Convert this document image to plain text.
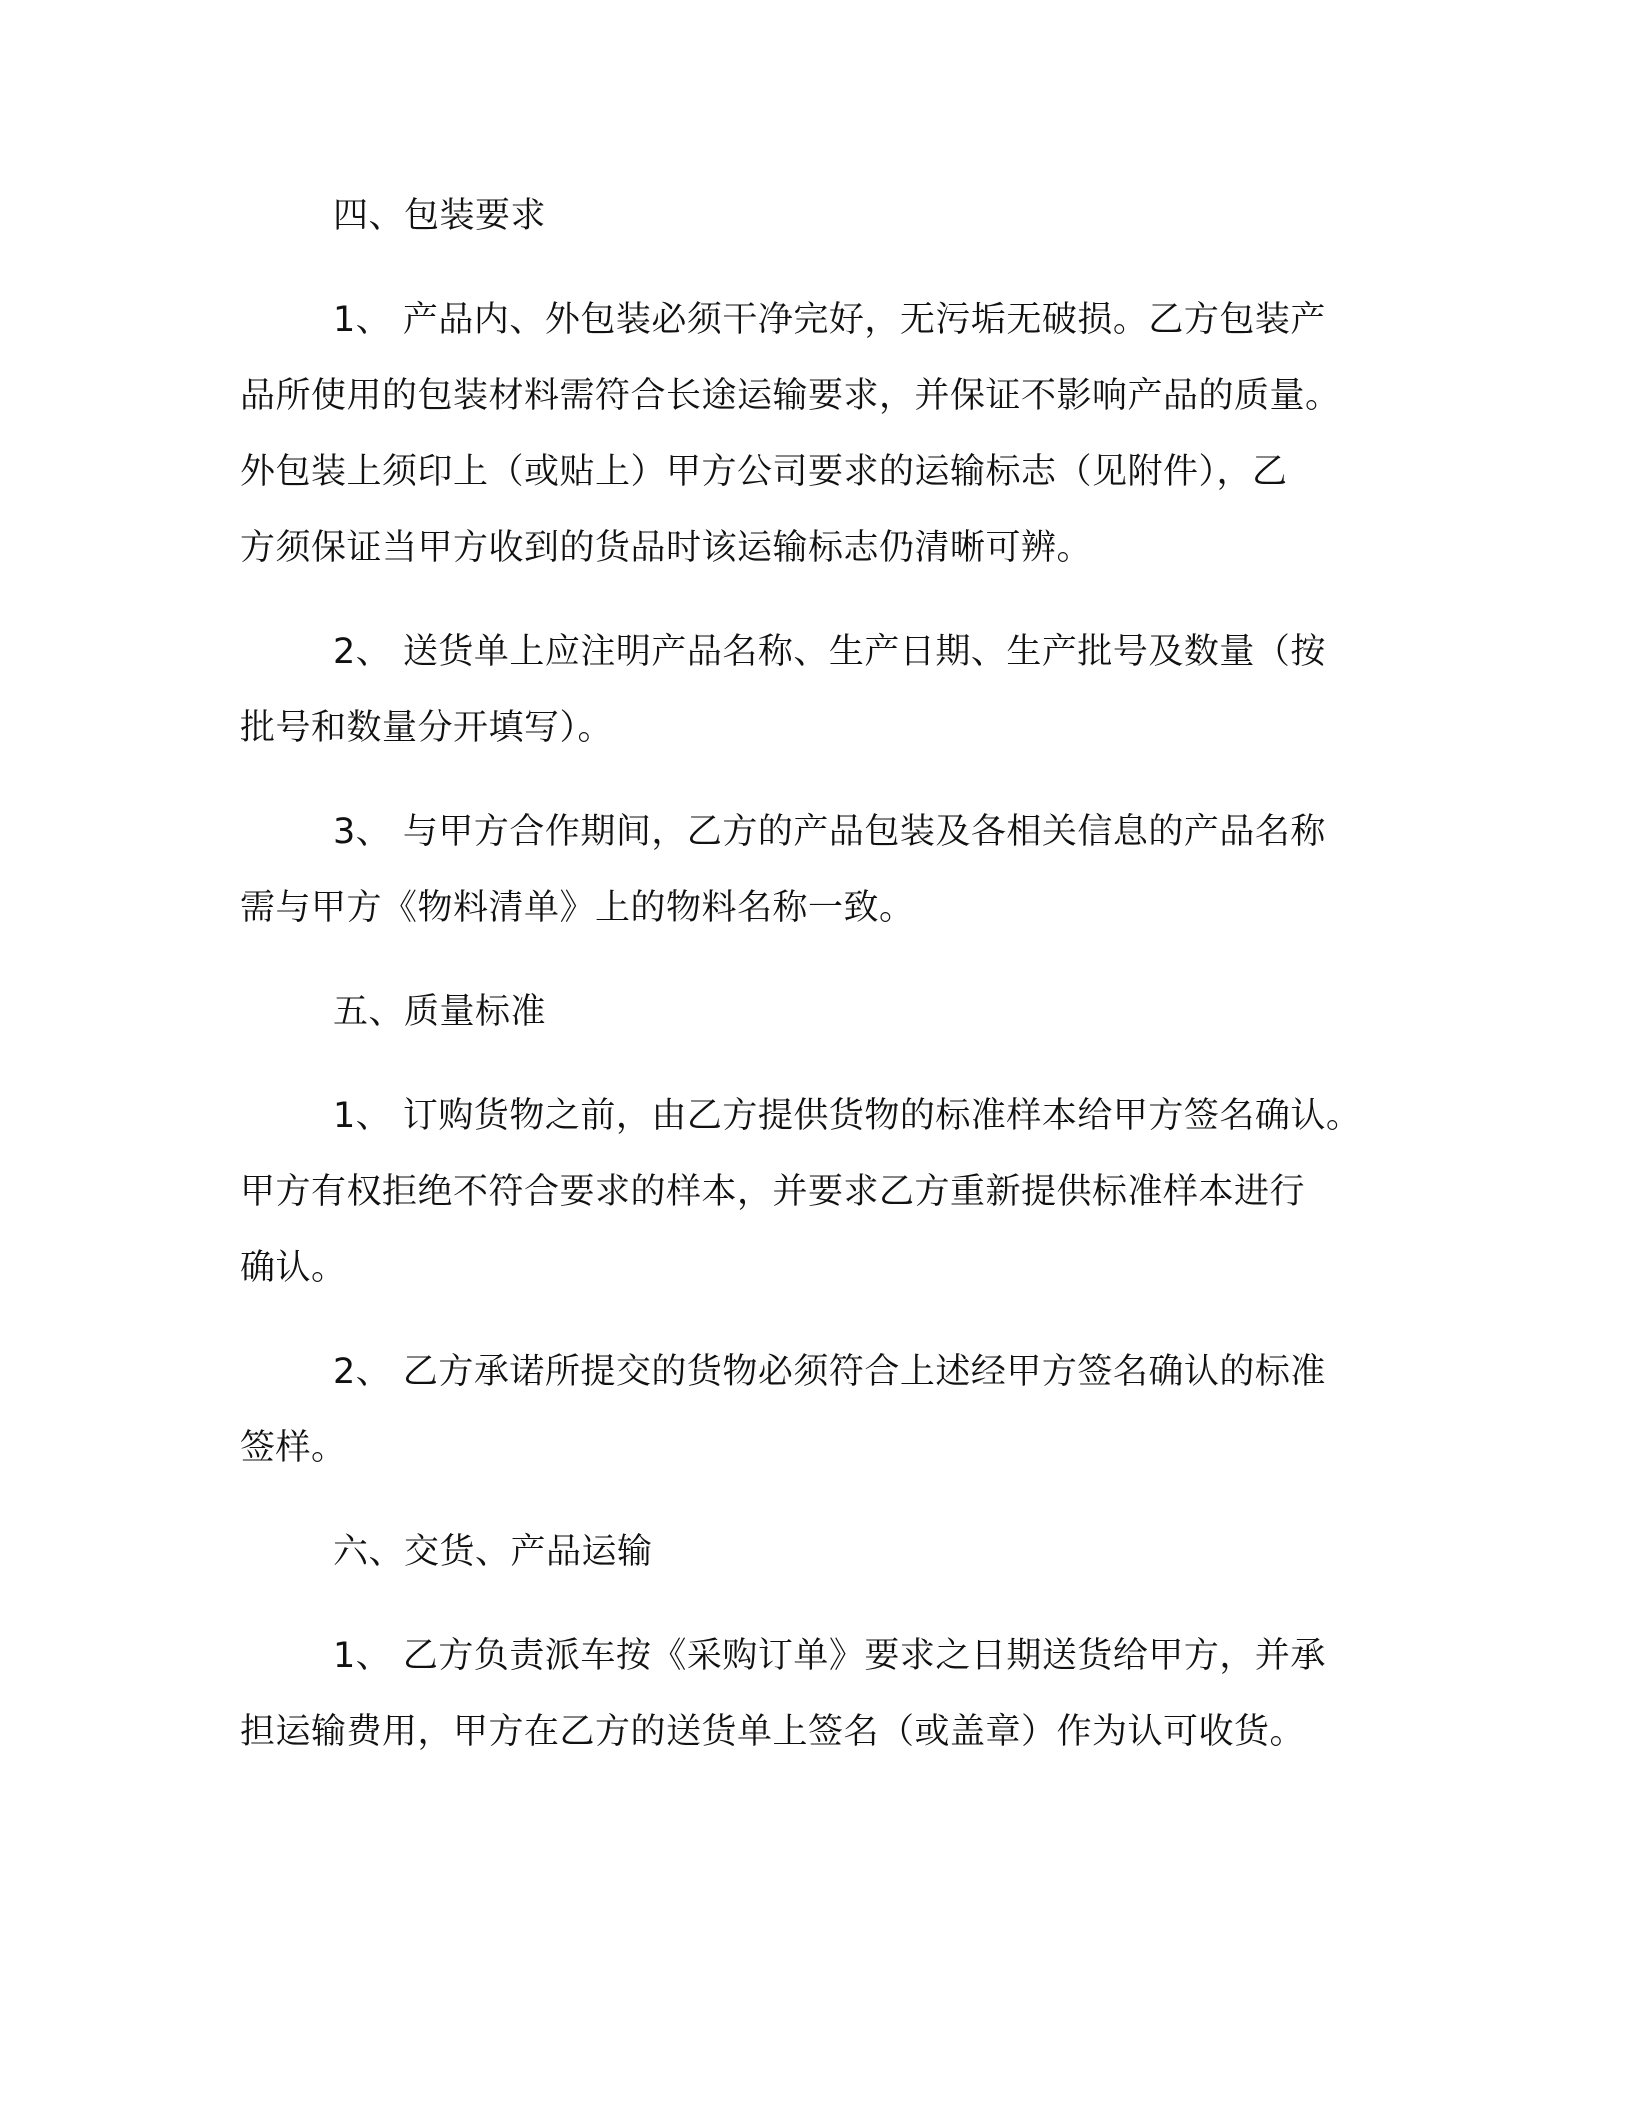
四、包装要求
1、 产品内、外包装必须干净完好，无污垢无破损。乙方包装产
品所使用的包装材料需符合长途运输要求，并保证不影响产品的质量。
外包装上须印上（或贴上）甲方公司要求的运输标志（见附件），乙
方须保证当甲方收到的货品时该运输标志仍清晰可辨。
2、 送货单上应注明产品名称、生产日期、生产批号及数量（按
批号和数量分开填写）。
3、 与甲方合作期间，乙方的产品包装及各相关信息的产品名称
需与甲方《物料清单》上的物料名称一致。
五、质量标准
1、 订购货物之前，由乙方提供货物的标准样本给甲方签名确认。
甲方有权拒绝不符合要求的样本，并要求乙方重新提供标准样本进行
确认。
2、 乙方承诺所提交的货物必须符合上述经甲方签名确认的标准
签样。
六、交货、产品运输
1、 乙方负责派车按《采购订单》要求之日期送货给甲方，并承
担运输费用，甲方在乙方的送货单上签名（或盖章）作为认可收货。
